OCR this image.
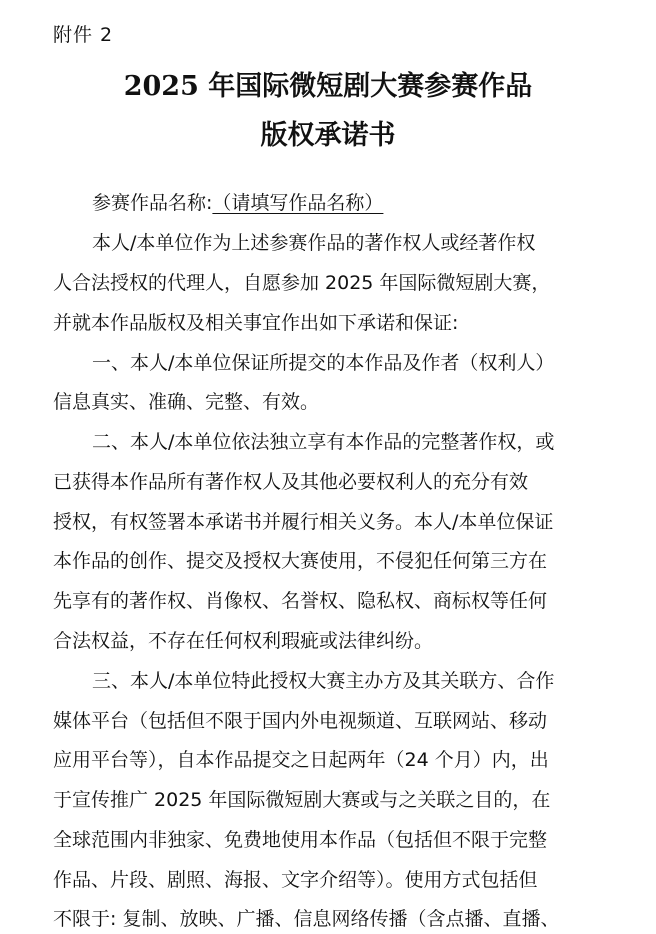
附件 2
2025 年国际微短剧大赛参赛作品
版权承诺书
参赛作品名称:（请填写作品名称）
本人/本单位作为上述参赛作品的著作权人或经著作权
人合法授权的代理人，自愿参加 2025 年国际微短剧大赛，
并就本作品版权及相关事宜作出如下承诺和保证:
一、本人/本单位保证所提交的本作品及作者（权利人）
信息真实、准确、完整、有效。
二、本人/本单位依法独立享有本作品的完整著作权，或
已获得本作品所有著作权人及其他必要权利人的充分有效
授权，有权签署本承诺书并履行相关义务。本人/本单位保证
本作品的创作、提交及授权大赛使用，不侵犯任何第三方在
先享有的著作权、肖像权、名誉权、隐私权、商标权等任何
合法权益，不存在任何权利瑕疵或法律纠纷。
三、本人/本单位特此授权大赛主办方及其关联方、合作
媒体平台（包括但不限于国内外电视频道、互联网站、移动
应用平台等），自本作品提交之日起两年（24 个月）内，出
于宣传推广 2025 年国际微短剧大赛或与之关联之目的，在
全球范围内非独家、免费地使用本作品（包括但不限于完整
作品、片段、剧照、海报、文字介绍等）。使用方式包括但
不限于: 复制、放映、广播、信息网络传播（含点播、直播、
